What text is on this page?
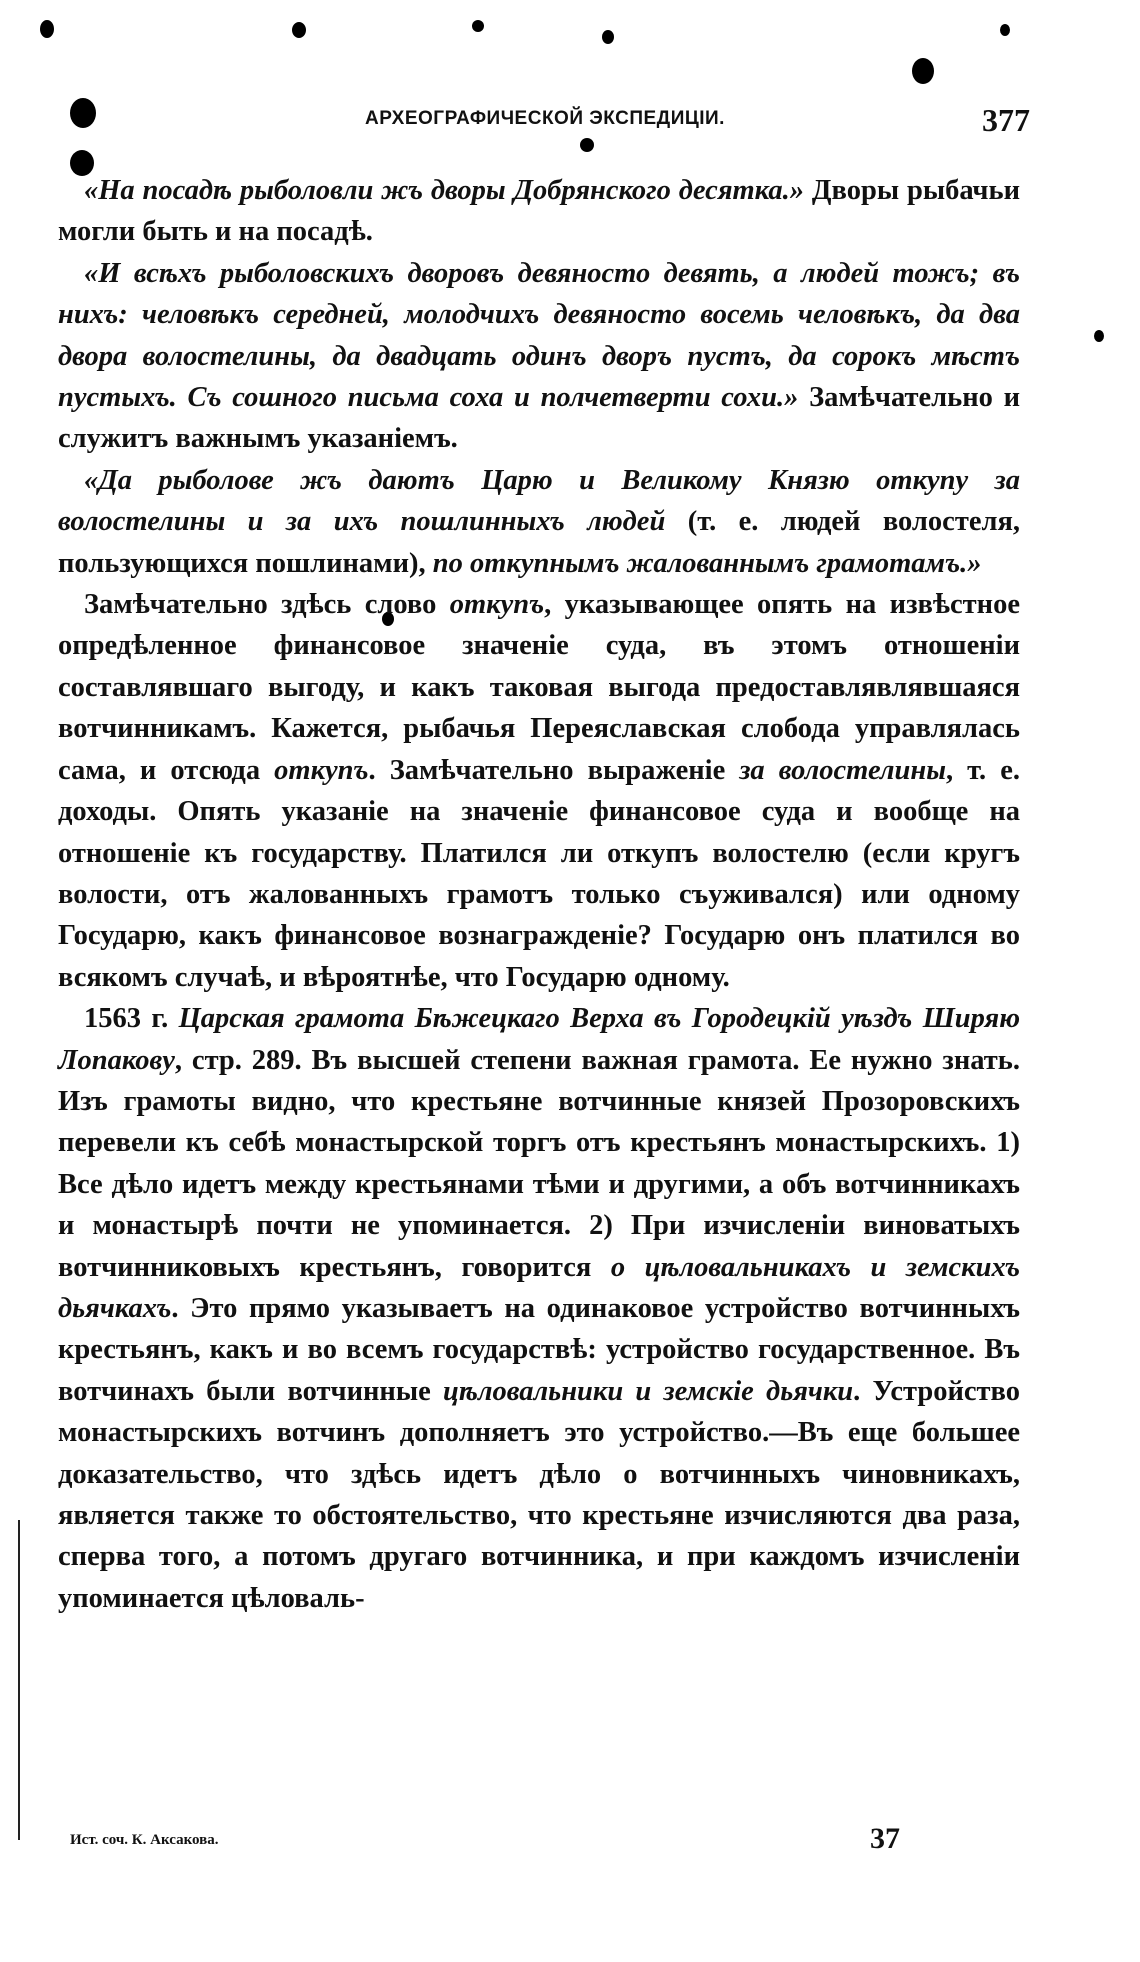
АРХЕОГРАФИЧЕСКОЙ ЭКСПЕДИЦІИ.	377

«На посадѣ рыболовли жъ дворы Добрянского десятка.» Дворы рыбачьи могли быть и на посадѣ.

«И всѣхъ рыболовскихъ дворовъ девяносто девять, а людей тожъ; въ нихъ: человѣкъ середней, молодчихъ девяносто восемь человѣкъ, да два двора волостелины, да двадцать одинъ дворъ пустъ, да сорокъ мѣстъ пустыхъ. Съ сошного письма соха и полчетверти сохи.» Замѣчательно и служитъ важнымъ указаніемъ.

«Да рыболове жъ даютъ Царю и Великому Князю откупу за волостелины и за ихъ пошлинныхъ людей (т. е. людей волостеля, пользующихся пошлинами), по откупнымъ жалованнымъ грамотамъ.»

Замѣчательно здѣсь слово откупъ, указывающее опять на извѣстное опредѣленное финансовое значеніе суда, въ этомъ отношеніи составлявшаго выгоду, и какъ таковая выгода предоставлявлявшаяся вотчинникамъ. Кажется, рыбачья Переяславская слобода управлялась сама, и отсюда откупъ. Замѣчательно выраженіе за волостелины, т. е. доходы. Опять указаніе на значеніе финансовое суда и вообще на отношеніе къ государству. Платился ли откупъ волостелю (если кругъ волости, отъ жалованныхъ грамотъ только съуживался) или одному Государю, какъ финансовое вознагражденіе? Государю онъ платился во всякомъ случаѣ, и вѣроятнѣе, что Государю одному.

1563 г. Царская грамота Бѣжецкаго Верха въ Городецкій уѣздъ Ширяю Лопакову, стр. 289. Въ высшей степени важная грамота. Ее нужно знать. Изъ грамоты видно, что крестьяне вотчинные князей Прозоровскихъ перевели къ себѣ монастырской торгъ отъ крестьянъ монастырскихъ. 1) Все дѣло идетъ между крестьянами тѣми и другими, а объ вотчинникахъ и монастырѣ почти не упоминается. 2) При изчисленіи виноватыхъ вотчинниковыхъ крестьянъ, говорится о цѣловальникахъ и земскихъ дьячкахъ. Это прямо указываетъ на одинаковое устройство вотчинныхъ крестьянъ, какъ и во всемъ государствѣ: устройство государственное. Въ вотчинахъ были вотчинные цѣловальники и земскіе дьячки. Устройство монастырскихъ вотчинъ дополняетъ это устройство.—Въ еще большее доказательство, что здѣсь идетъ дѣло о вотчинныхъ чиновникахъ, является также то обстоятельство, что крестьяне изчисляются два раза, сперва того, а потомъ другаго вотчинника, и при каждомъ изчисленіи упоминается цѣловаль-

Ист. соч. К. Аксакова.	37
